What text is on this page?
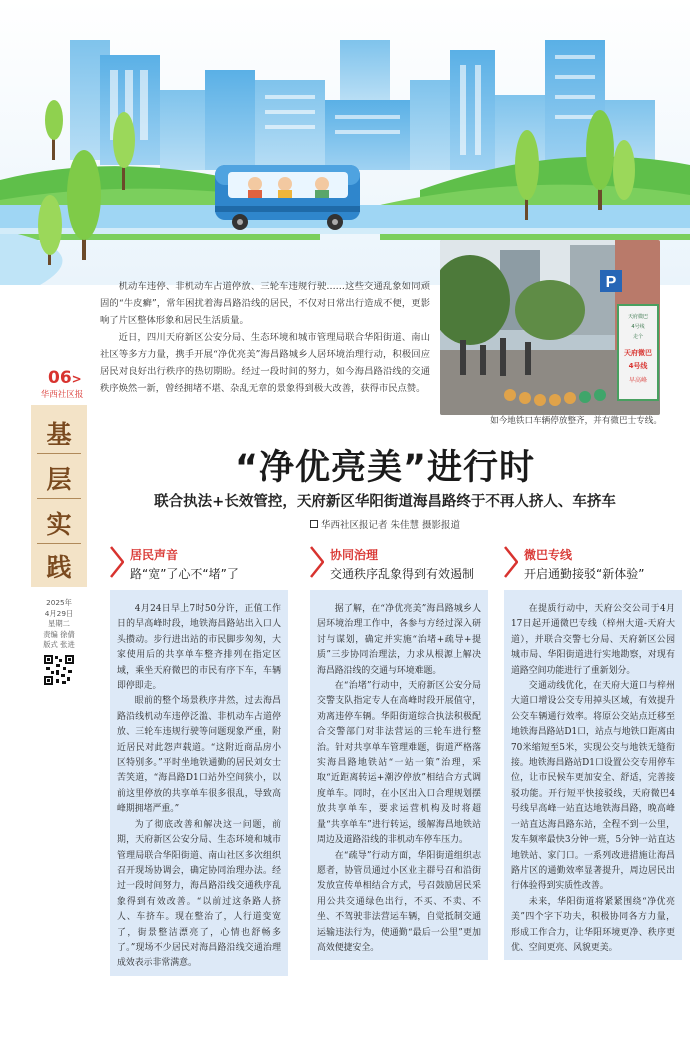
P
天府微巴
4号线
走个
天府微巴
4号线
早高峰
如今地铁口车辆停放整齐，并有微巴士专线。

机动车违停、非机动车占道停放、三轮车违规行驶……这些交通乱象如同顽固的“牛皮癣”，常年困扰着海昌路沿线的居民，不仅对日常出行造成不便，更影响了片区整体形象和居民生活质量。

近日，四川天府新区公安分局、生态环境和城市管理局联合华阳街道、南山社区等多方力量，携手开展“净优亮美”海昌路城乡人居环境治理行动，积极回应居民对良好出行秩序的热切期盼。经过一段时间的努力，如今海昌路沿线的交通秩序焕然一新，曾经拥堵不堪、杂乱无章的景象得到极大改善，获得市民点赞。

06>
华西社区报
基
层
实
践
2025年
4月29日
星期二
责编 徐倩
版式 张进
“净优亮美”进行时
联合执法+长效管控，天府新区华阳街道海昌路终于不再人挤人、车挤车
华西社区报记者 朱佳慧 摄影报道
居民声音
路“宽”了心不“堵”了

4月24日早上7时50分许，正值工作日的早高峰时段，地铁海昌路站出入口人头攒动。步行进出站的市民脚步匆匆，大家使用后的共享单车整齐排列在指定区域，乘坐天府微巴的市民有序下车，车辆即停即走。

眼前的整个场景秩序井然，过去海昌路沿线机动车违停泛滥、非机动车占道停放、三轮车违规行驶等问题现象严重，附近居民对此怨声载道。“这附近商品房小区特别多。”平时坐地铁通勤的居民刘女士苦笑道，“海昌路D1口站外空间狭小，以前这里停放的共享单车很多很乱，导致高峰期拥堵严重。”

为了彻底改善和解决这一问题，前期，天府新区公安分局、生态环境和城市管理局联合华阳街道、南山社区多次组织召开现场协调会，确定协同治理办法。经过一段时间努力，海昌路沿线交通秩序乱象得到有效改善。“以前过这条路人挤人、车挤车。现在整治了，人行道变宽了，街景整洁漂亮了，心情也舒畅多了。”现场不少居民对海昌路沿线交通治理成效表示非常满意。

协同治理
交通秩序乱象得到有效遏制

据了解，在“净优亮美”海昌路城乡人居环境治理工作中，各参与方经过深入研讨与谋划，确定并实施“治堵+疏导+提质”三步协同治理法，力求从根源上解决海昌路沿线的交通与环境难题。

在“治堵”行动中，天府新区公安分局交警支队指定专人在高峰时段开展值守，劝离违停车辆。华阳街道综合执法积极配合交警部门对非法营运的三轮车进行整治。针对共享单车管理难题，街道严格落实海昌路地铁站“一站一策”治理，采取“近距离转运+潮汐停放”相结合方式调度单车。同时，在小区出入口合理规划摆放共享单车，要求运营机构及时将超量“共享单车”进行转运，缓解海昌地铁站周边及道路沿线的非机动车停车压力。

在“疏导”行动方面，华阳街道组织志愿者，协管员通过小区业主群号召和沿街发放宣传单相结合方式，号召鼓励居民采用公共交通绿色出行，不买、不卖、不坐、不驾驶非法营运车辆，自觉抵制交通运输违法行为，使通勤“最后一公里”更加高效便捷安全。

微巴专线
开启通勤接驳“新体验”

在提质行动中，天府公交公司于4月17日起开通微巴专线（梓州大道-天府大道），并联合交警七分局、天府新区公园城市局、华阳街道进行实地勘察，对现有道路空间功能进行了重新划分。

交通动线优化，在天府大道口与梓州大道口增设公交专用掉头区域，有效提升公交车辆通行效率。将原公交站点迁移至地铁海昌路站D1口，站点与地铁口距离由70米缩短至5米，实现公交与地铁无缝衔接。地铁海昌路站D1口设置公交专用停车位，让市民候车更加安全、舒适，完善接驳功能。开行短平快接驳线，天府微巴4号线早高峰一站直达地铁海昌路，晚高峰一站直达海昌路东站，全程不到一公里，发车频率最快3分钟一班，5分钟一站直达地铁站、家门口。一系列改进措施让海昌路片区的通勤效率显著提升，周边居民出行体验得到实质性改善。

未来，华阳街道将紧紧围绕“净优亮美”四个字下功夫，积极协同各方力量，形成工作合力，让华阳环境更净、秩序更优、空间更亮、风貌更美。
